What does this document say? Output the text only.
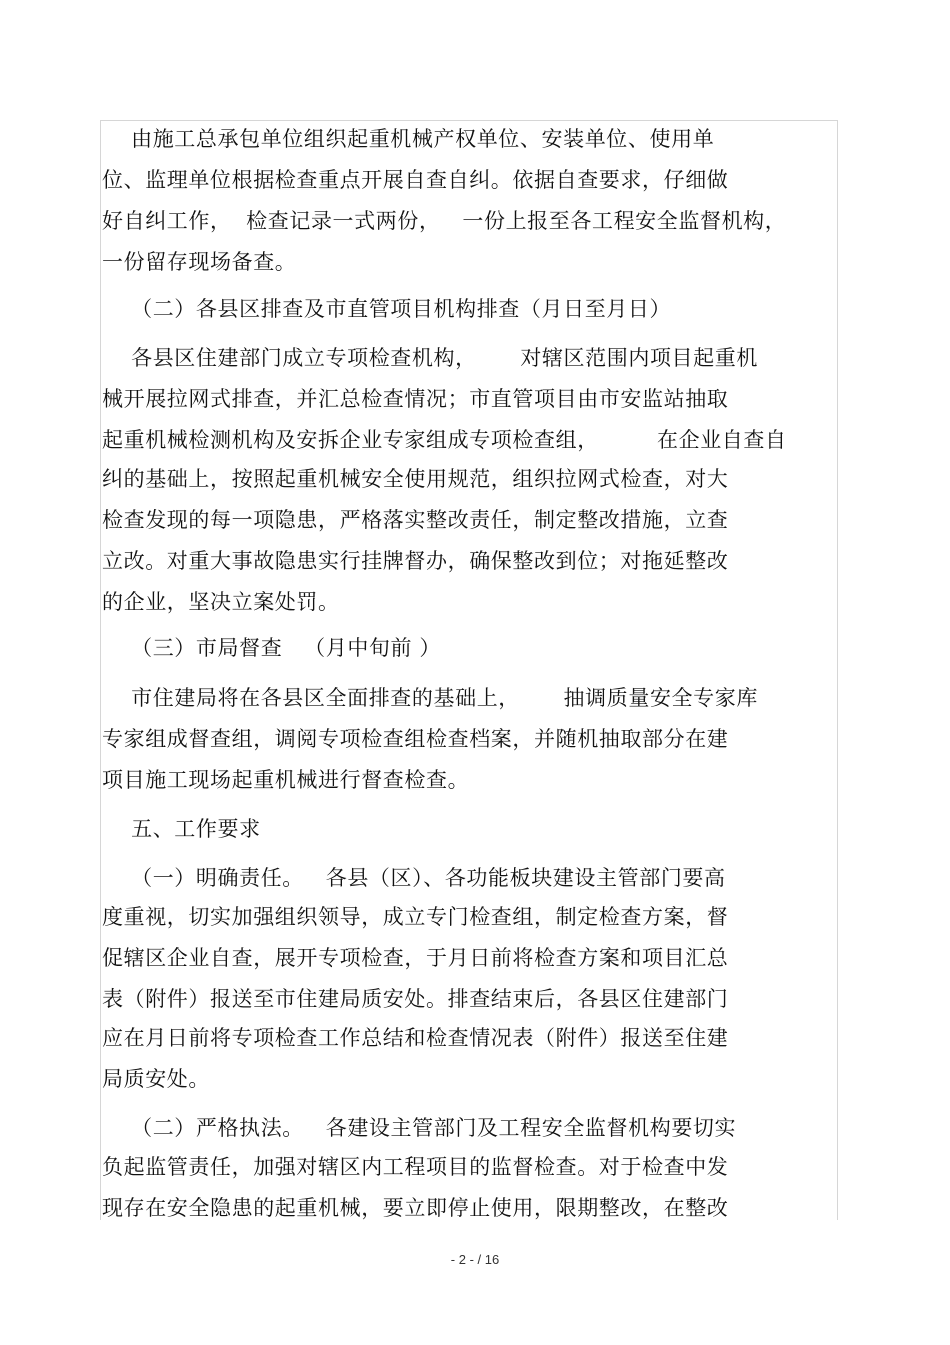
由施工总承包单位组织起重机械产权单位、安装单位、使用单
位、监理单位根据检查重点开展自查自纠。依据自查要求，仔细做
好自纠工作，  检查记录一式两份，   一份上报至各工程安全监督机构，
一份留存现场备查。
（二）各县区排查及市直管项目机构排查（月日至月日）
各县区住建部门成立专项检查机构，      对辖区范围内项目起重机
械开展拉网式排查，并汇总检查情况；市直管项目由市安监站抽取
起重机械检测机构及安拆企业专家组成专项检查组，        在企业自查自
纠的基础上，按照起重机械安全使用规范，组织拉网式检查，对大
检查发现的每一项隐患，严格落实整改责任，制定整改措施，立查
立改。对重大事故隐患实行挂牌督办，确保整改到位；对拖延整改
的企业，坚决立案处罚。
（三）市局督查   （月中旬前 ）
市住建局将在各县区全面排查的基础上，      抽调质量安全专家库
专家组成督查组，调阅专项检查组检查档案，并随机抽取部分在建
项目施工现场起重机械进行督查检查。
五、工作要求
（一）明确责任。   各县（区）、各功能板块建设主管部门要高
度重视，切实加强组织领导，成立专门检查组，制定检查方案，督
促辖区企业自查，展开专项检查，于月日前将检查方案和项目汇总
表（附件）报送至市住建局质安处。排查结束后，各县区住建部门
应在月日前将专项检查工作总结和检查情况表（附件）报送至住建
局质安处。
（二）严格执法。   各建设主管部门及工程安全监督机构要切实
负起监管责任，加强对辖区内工程项目的监督检查。对于检查中发
现存在安全隐患的起重机械，要立即停止使用，限期整改，在整改
- 2 - / 16
